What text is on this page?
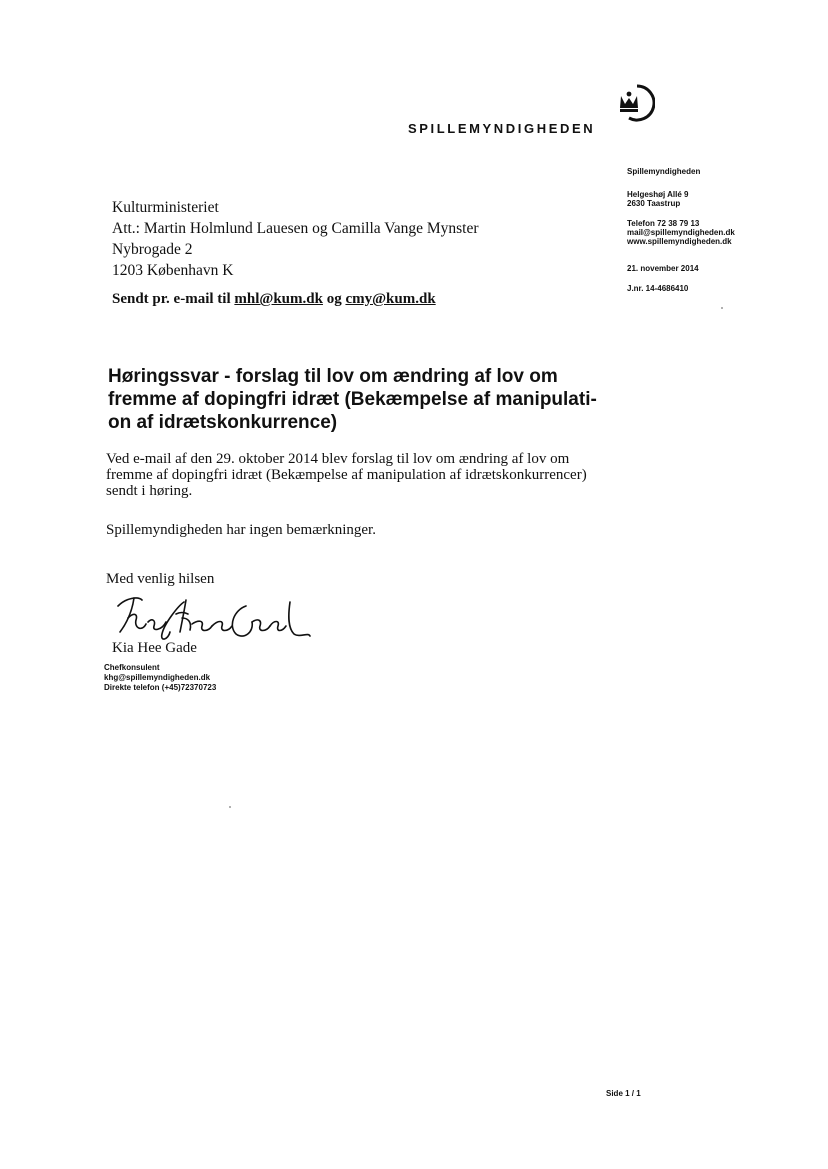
SPILLEMYNDIGHEDEN
Spillemyndigheden
Helgeshøj Allé 9
2630 Taastrup
Telefon 72 38 79 13
mail@spillemyndigheden.dk
www.spillemyndigheden.dk
21. november 2014
J.nr. 14-4686410
Kulturministeriet
Att.: Martin Holmlund Lauesen og Camilla Vange Mynster
Nybrogade 2
1203 København K
Sendt pr. e-mail til mhl@kum.dk og cmy@kum.dk
Høringssvar - forslag til lov om ændring af lov om fremme af dopingfri idræt (Bekæmpelse af manipulati-on af idrætskonkurrence)
Ved e-mail af den 29. oktober 2014 blev forslag til lov om ændring af lov om fremme af dopingfri idræt (Bekæmpelse af manipulation af idrætskonkurrencer) sendt i høring.
Spillemyndigheden har ingen bemærkninger.
Med venlig hilsen
Kia Hee Gade
Chefkonsulent
khg@spillemyndigheden.dk
Direkte telefon (+45)72370723
Side 1 / 1
